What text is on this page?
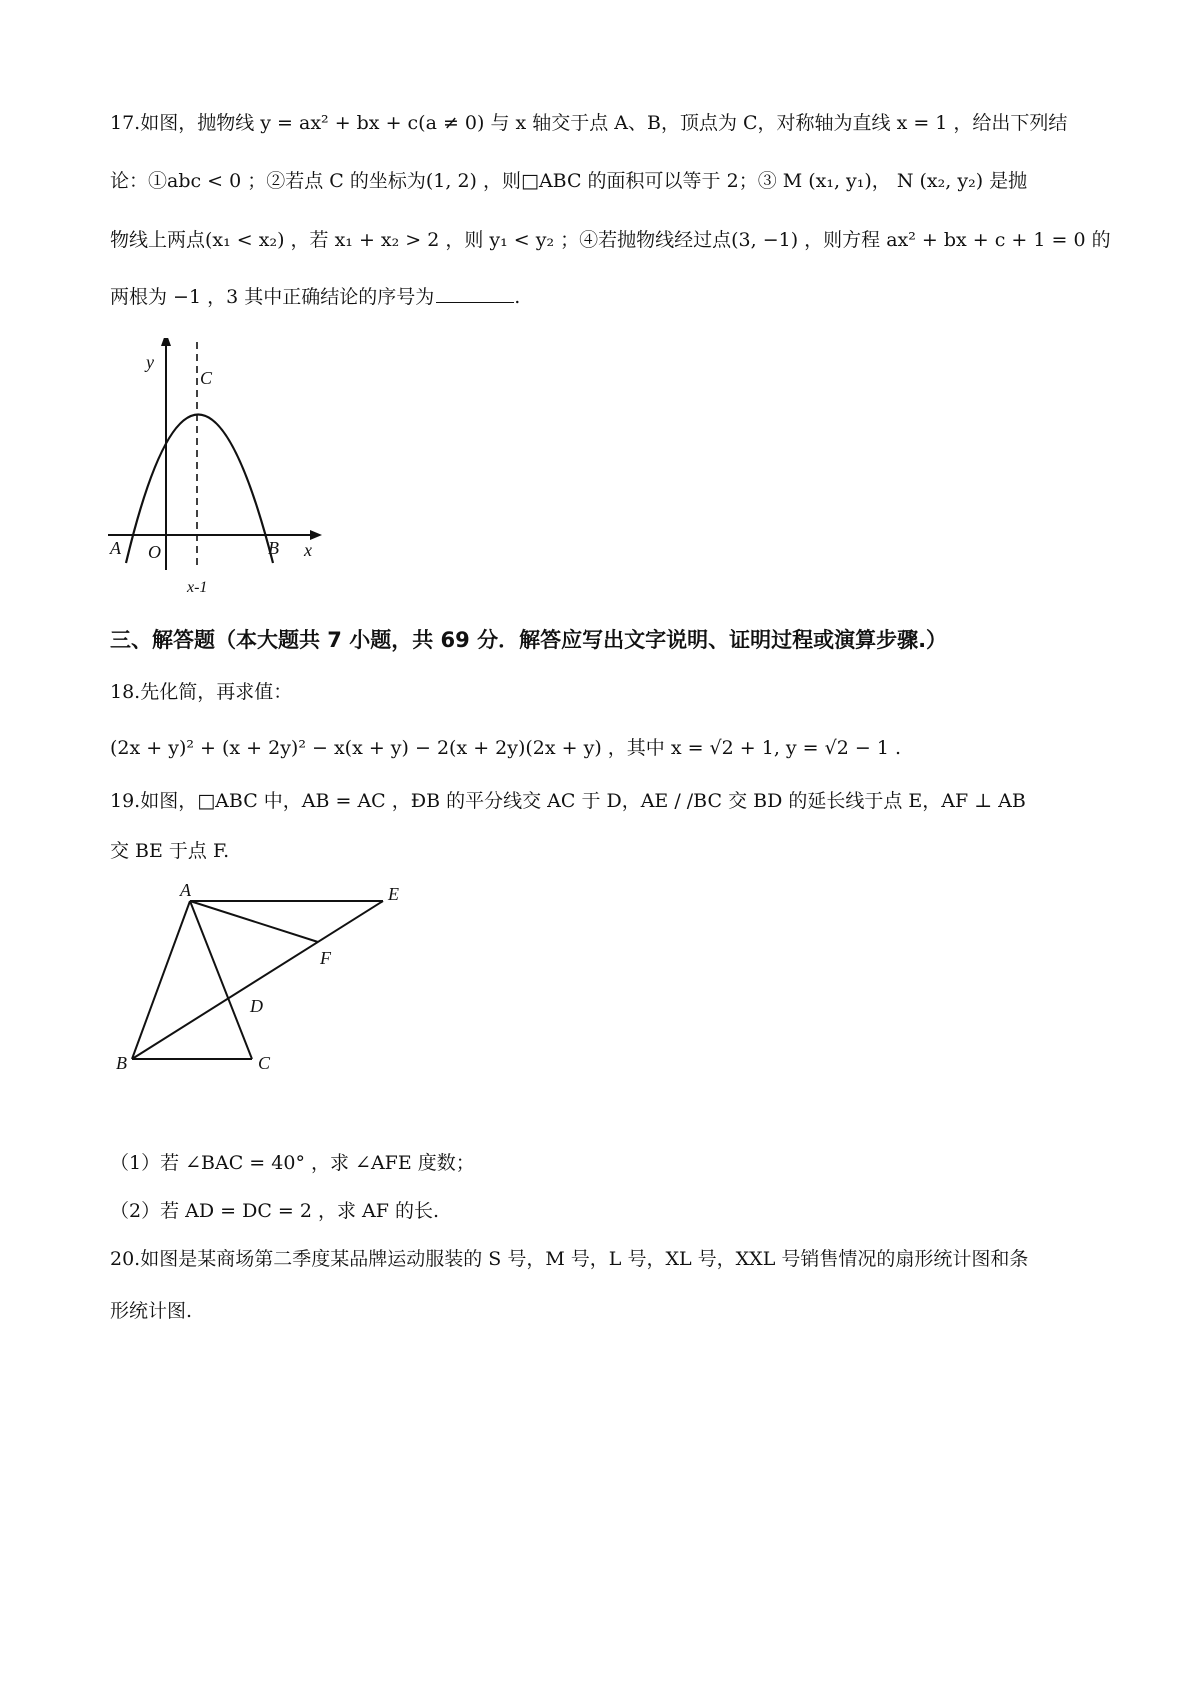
17.如图，抛物线 y = ax² + bx + c(a ≠ 0) 与 x 轴交于点 A、B，顶点为 C，对称轴为直线 x = 1 ，给出下列结
论：①abc < 0 ；②若点 C 的坐标为(1, 2) ，则□ABC 的面积可以等于 2；③ M (x₁, y₁)， N (x₂, y₂) 是抛
物线上两点(x₁ < x₂) ，若 x₁ + x₂ > 2 ，则 y₁ < y₂ ；④若抛物线经过点(3, −1) ，则方程 ax² + bx + c + 1 = 0 的
两根为 −1 ，3 其中正确结论的序号为	.
y
x
C
A O	B
x-1
三、解答题（本大题共 7 小题，共 69 分．解答应写出文字说明、证明过程或演算步骤.）
18.先化简，再求值：
(2x + y)² + (x + 2y)² − x(x + y) − 2(x + 2y)(2x + y) ，其中 x = √2 + 1, y = √2 − 1 .
19.如图，□ABC 中，AB = AC ，ÐB 的平分线交 AC 于 D，AE / /BC 交 BD 的延长线于点 E，AF ⊥ AB
交 BE 于点 F.
A	E
F
D
B	C
（1）若 ∠BAC = 40° ，求 ∠AFE 度数；
（2）若 AD = DC = 2 ，求 AF 的长.
20.如图是某商场第二季度某品牌运动服装的 S 号，M 号，L 号，XL 号，XXL 号销售情况的扇形统计图和条
形统计图.
